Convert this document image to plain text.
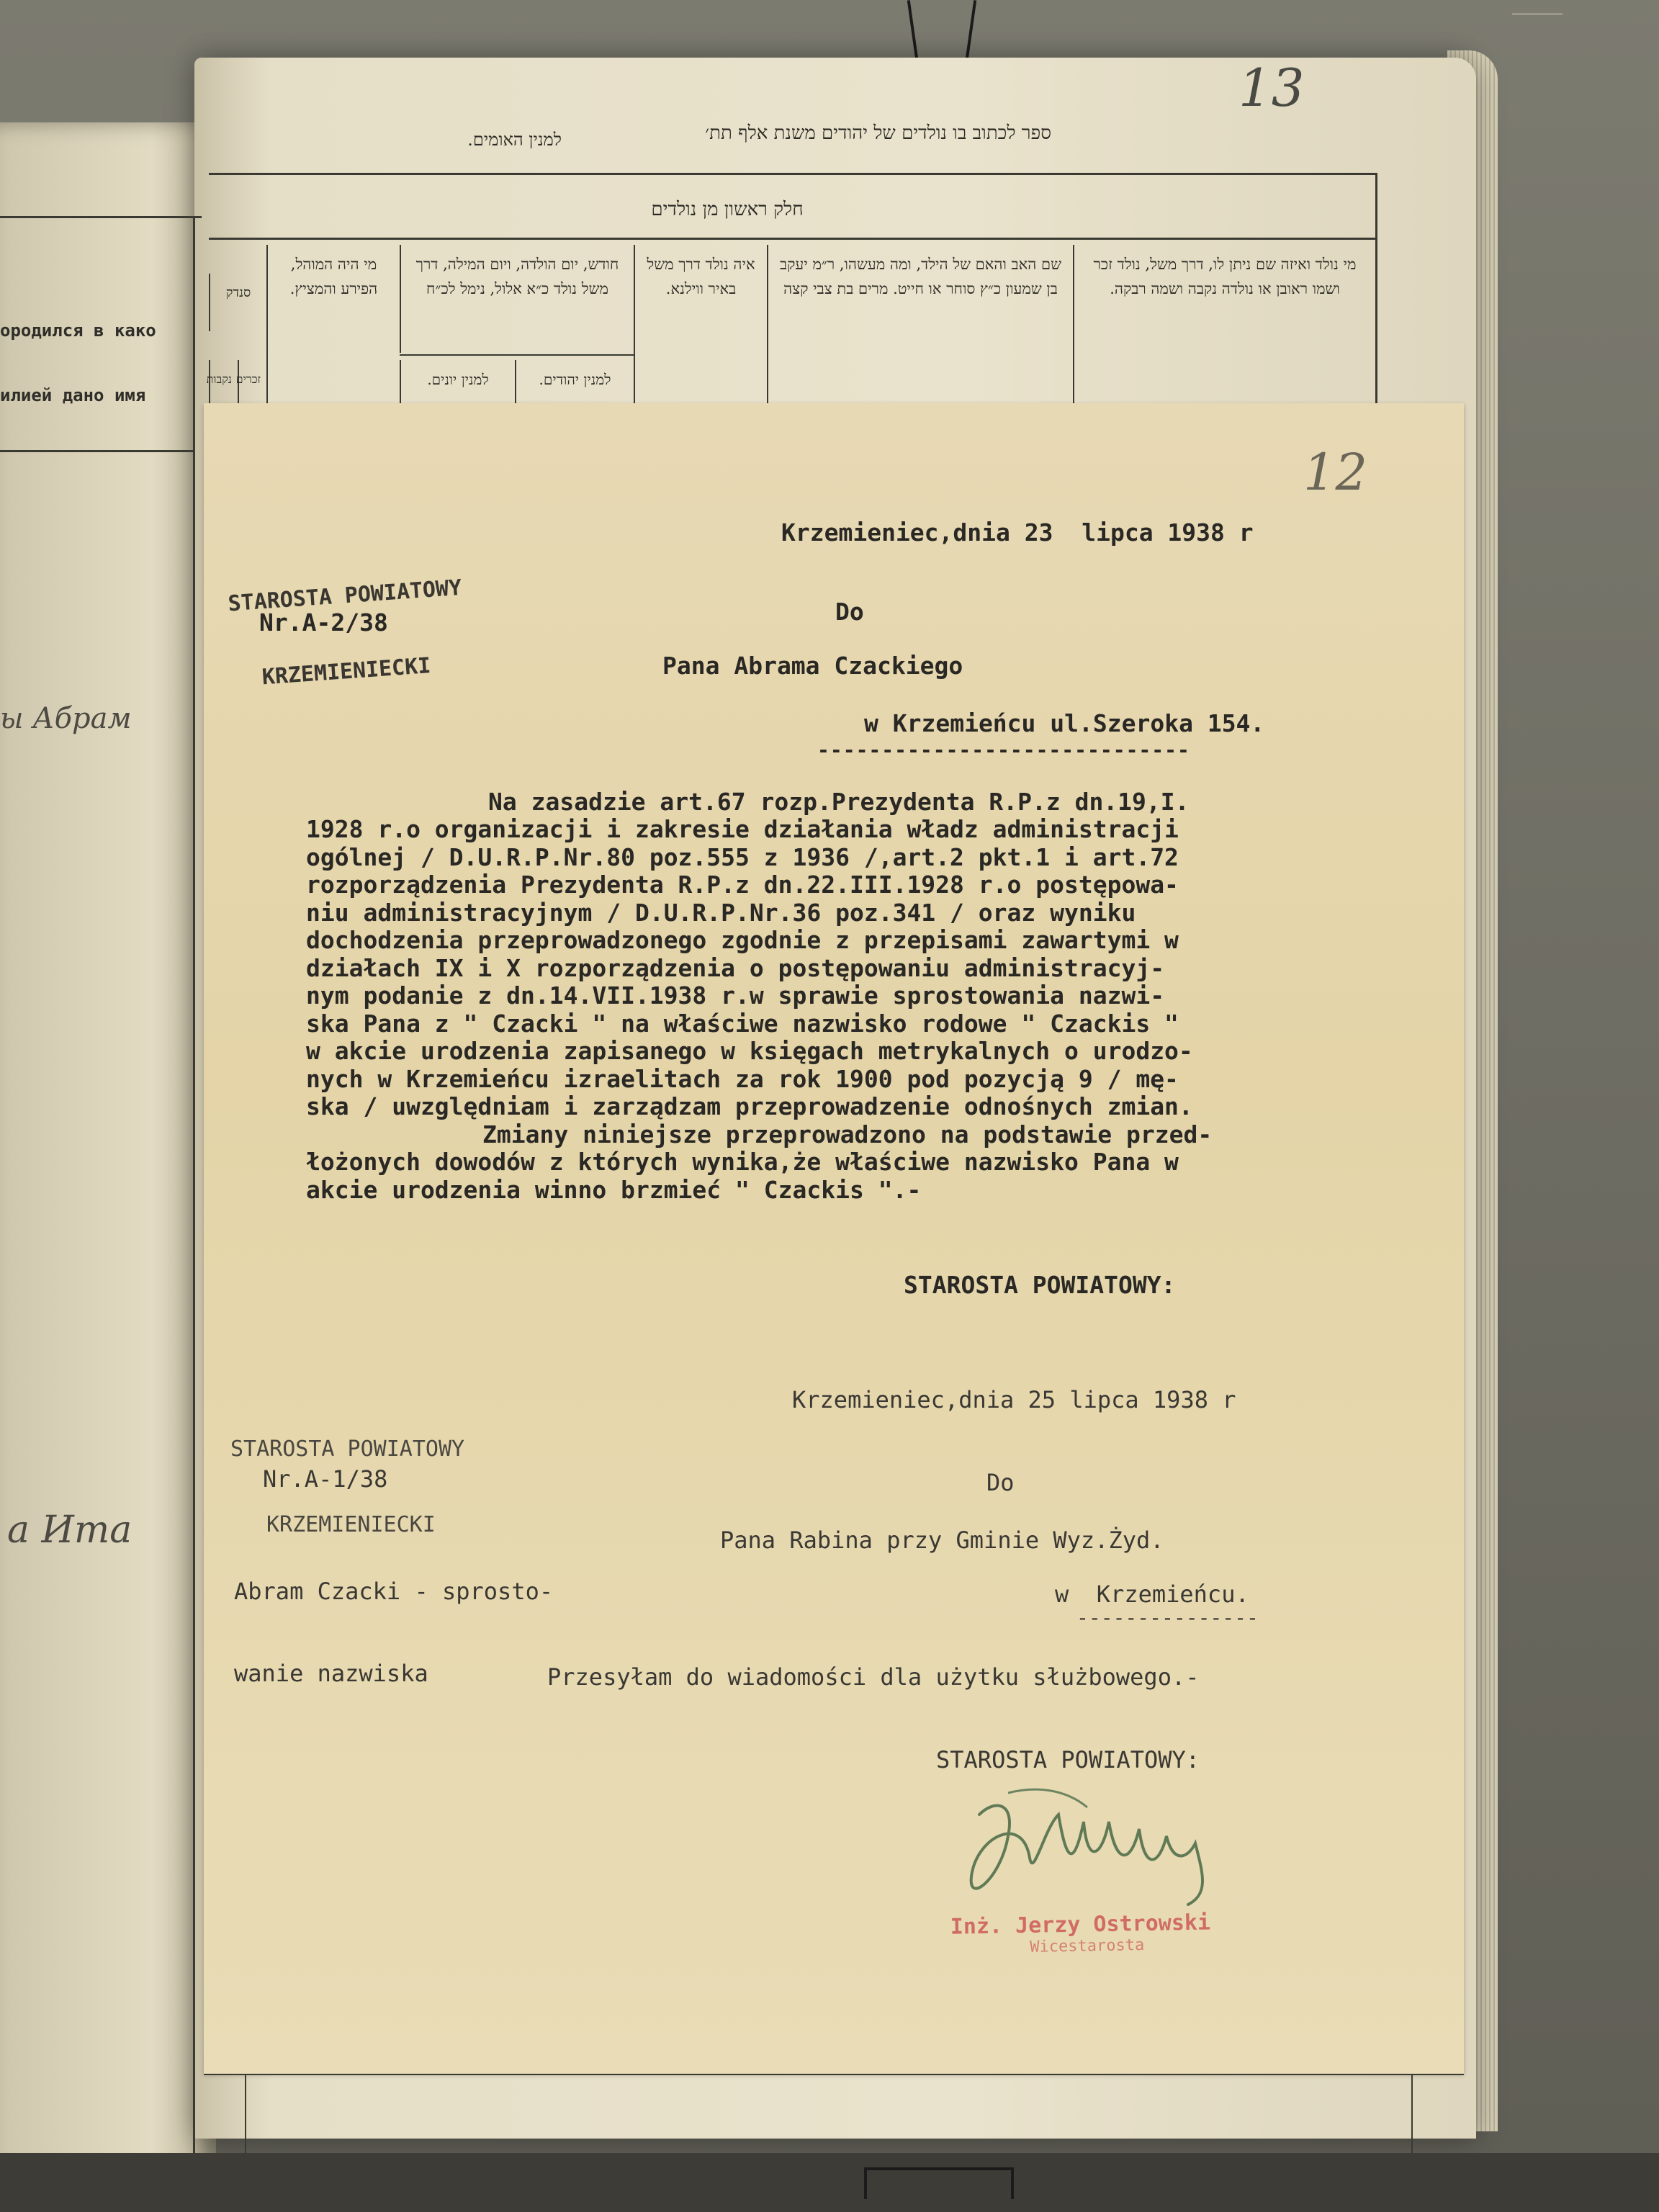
ородился в како
илией дано имя
ы Абрам
а Ита
13
ספר לכתוב בו נולדים של יהודים משנת אלף תת׳
למנין האומים.
חלק ראשון מן נולדים
מי נולד ואיזה שם ניתן לו, דרך משל, נולד זכר ושמו ראובן או נולדה נקבה ושמה רבקה.
שם האב והאם של הילד, ומה מעשהו, ר״מ יעקב בן שמעון כ״ץ סוחר או חייט. מרים בת צבי קצה
איה נולד דרך משל באיר ווילנא.
חודש, יום הולדה, ויום המילה, דרך משל נולד כ״א אלול, נימל לכ״ח
למנין יהודים.
למנין יונים.
מי היה המוהל, הפירע והמציץ.
סנדק
זכרים
נקבות
12

STAROSTA POWIATOWY

KRZEMIENIECKI

Nr.A-2/38
Krzemieniec,dnia 23  lipca 1938 r
Do
Pana Abrama Czackiego
w Krzemieńcu ul.Szeroka 154.
-----------------------------

Na zasadzie art.67 rozp.Prezydenta R.P.z dn.19,I.

1928 r.o organizacji i zakresie działania władz administracji

ogólnej / D.U.R.P.Nr.80 poz.555 z 1936 /,art.2 pkt.1 i art.72

rozporządzenia Prezydenta R.P.z dn.22.III.1928 r.o postępowa-

niu administracyjnym / D.U.R.P.Nr.36 poz.341 / oraz wyniku

dochodzenia przeprowadzonego zgodnie z przepisami zawartymi w

działach IX i X rozporządzenia o postępowaniu administracyj-

nym podanie z dn.14.VII.1938 r.w sprawie sprostowania nazwi-

ska Pana z " Czacki " na właściwe nazwisko rodowe " Czackis "

w akcie urodzenia zapisanego w księgach metrykalnych o urodzo-

nych w Krzemieńcu izraelitach za rok 1900 pod pozycją 9 / mę-

ska / uwzględniam i zarządzam przeprowadzenie odnośnych zmian.

Zmiany niniejsze przeprowadzono na podstawie przed-

łożonych dowodów z których wynika,że właściwe nazwisko Pana w

akcie urodzenia winno brzmieć " Czackis ".-

STAROSTA POWIATOWY:

STAROSTA POWIATOWY

KRZEMIENIECKI

Nr.A-1/38

Abram Czacki - sprosto-

wanie nazwiska

Krzemieniec,dnia 25 lipca 1938 r
Do
Pana Rabina przy Gminie Wyz.Żyd.
w  Krzemieńcu.
---------------
Przesyłam do wiadomości dla użytku służbowego.-
STAROSTA POWIATOWY:
Inż. Jerzy Ostrowski
Wicestarosta
